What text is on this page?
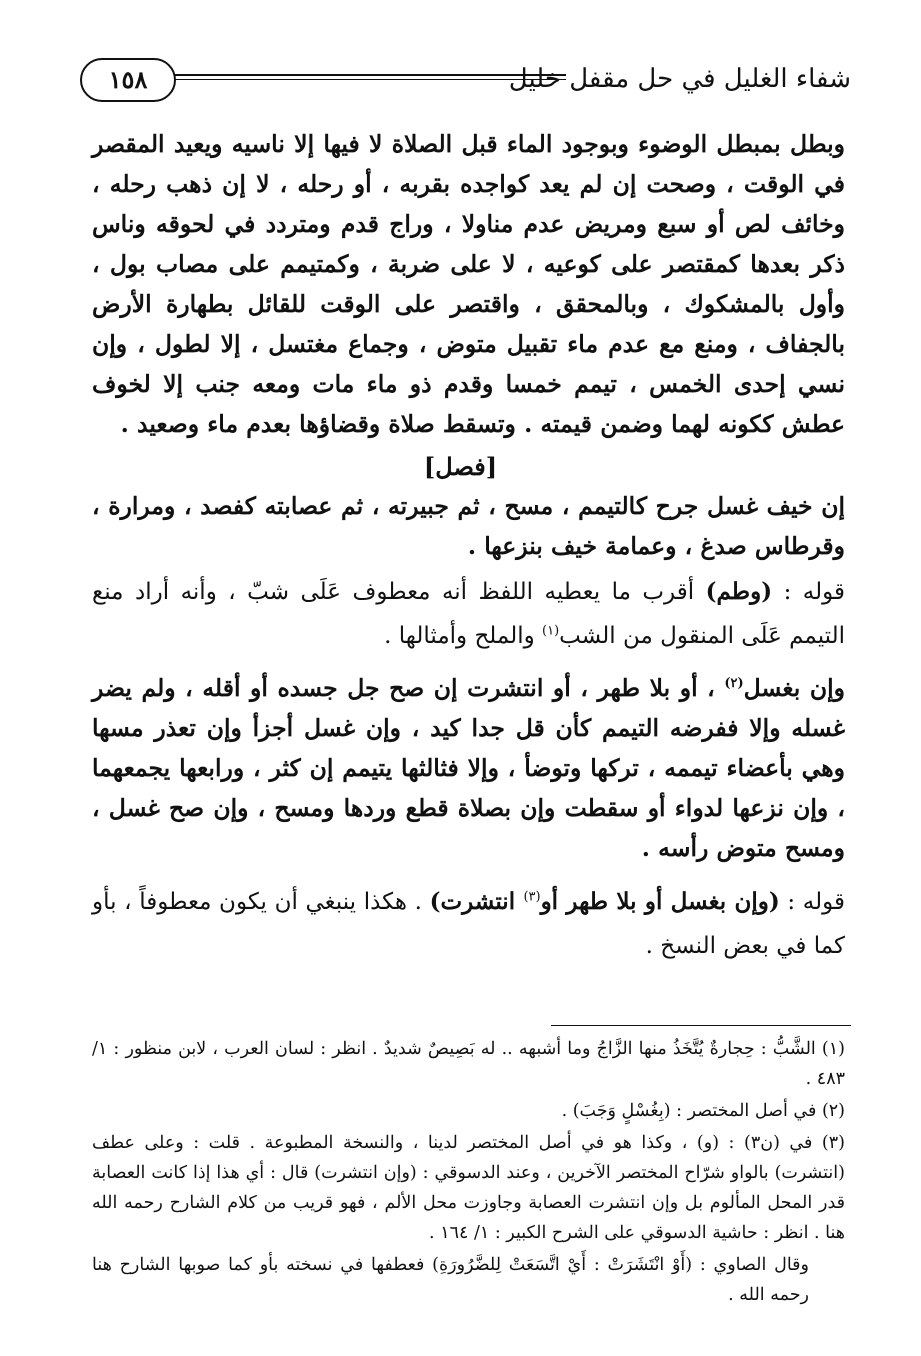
١٥٨	شفاء الغليل في حل مقفل خليل

وبطل بمبطل الوضوء وبوجود الماء قبل الصلاة لا فيها إلا ناسيه ويعيد المقصر في الوقت ، وصحت إن لم يعد كواجده بقربه ، أو رحله ، لا إن ذهب رحله ، وخائف لص أو سبع ومريض عدم مناولا ، وراج قدم ومتردد في لحوقه وناس ذكر بعدها كمقتصر على كوعيه ، لا على ضربة ، وكمتيمم على مصاب بول ، وأول بالمشكوك ، وبالمحقق ، واقتصر على الوقت للقائل بطهارة الأرض بالجفاف ، ومنع مع عدم ماء تقبيل متوض ، وجماع مغتسل ، إلا لطول ، وإن نسي إحدى الخمس ، تيمم خمسا وقدم ذو ماء مات ومعه جنب إلا لخوف عطش ككونه لهما وضمن قيمته . وتسقط صلاة وقضاؤها بعدم ماء وصعيد .

[فصل]

إن خيف غسل جرح كالتيمم ، مسح ، ثم جبيرته ، ثم عصابته كفصد ، ومرارة ، وقرطاس صدغ ، وعمامة خيف بنزعها .

قوله : (وطم) أقرب ما يعطيه اللفظ أنه معطوف عَلَى شبّ ، وأنه أراد منع التيمم عَلَى المنقول من الشب$^{(١)}$ والملح وأمثالها .

وإن بغسل$^{(٢)}$ ، أو بلا طهر ، أو انتشرت إن صح جل جسده أو أقله ، ولم يضر غسله وإلا ففرضه التيمم كأن قل جدا كيد ، وإن غسل أجزأ وإن تعذر مسها وهي بأعضاء تيممه ، تركها وتوضأ ، وإلا فثالثها يتيمم إن كثر ، ورابعها يجمعهما ، وإن نزعها لدواء أو سقطت وإن بصلاة قطع وردها ومسح ، وإن صح غسل ، ومسح متوض رأسه .

قوله : (وإن بغسل أو بلا طهر أو$^{(٣)}$ انتشرت) . هكذا ينبغي أن يكون معطوفاً ، بأو كما في بعض النسخ .

(١) الشَّبُّ : حِجارةٌ يُتَّخَذُ منها الزَّاجُ وما أشبهه .. له بَصِيصٌ شديدٌ . انظر : لسان العرب ، لابن منظور : ١/ ٤٨٣ .

(٢) في أصل المختصر : (بِغُسْلٍ وَجَبَ) .

(٣) في (ن٣) : (و) ، وكذا هو في أصل المختصر لدينا ، والنسخة المطبوعة . قلت : وعلى عطف (انتشرت) بالواو شرّاح المختصر الآخرين ، وعند الدسوقي : (وإن انتشرت) قال : أي هذا إذا كانت العصابة قدر المحل المألوم بل وإن انتشرت العصابة وجاوزت محل الألم ، فهو قريب من كلام الشارح رحمه الله هنا . انظر : حاشية الدسوقي على الشرح الكبير : ١/ ١٦٤ .

وقال الصاوي : (أَوْ انْتَشَرَتْ : أَيْ اتَّسَعَتْ لِلضَّرُورَةِ) فعطفها في نسخته بأو كما صوبها الشارح هنا رحمه الله .
